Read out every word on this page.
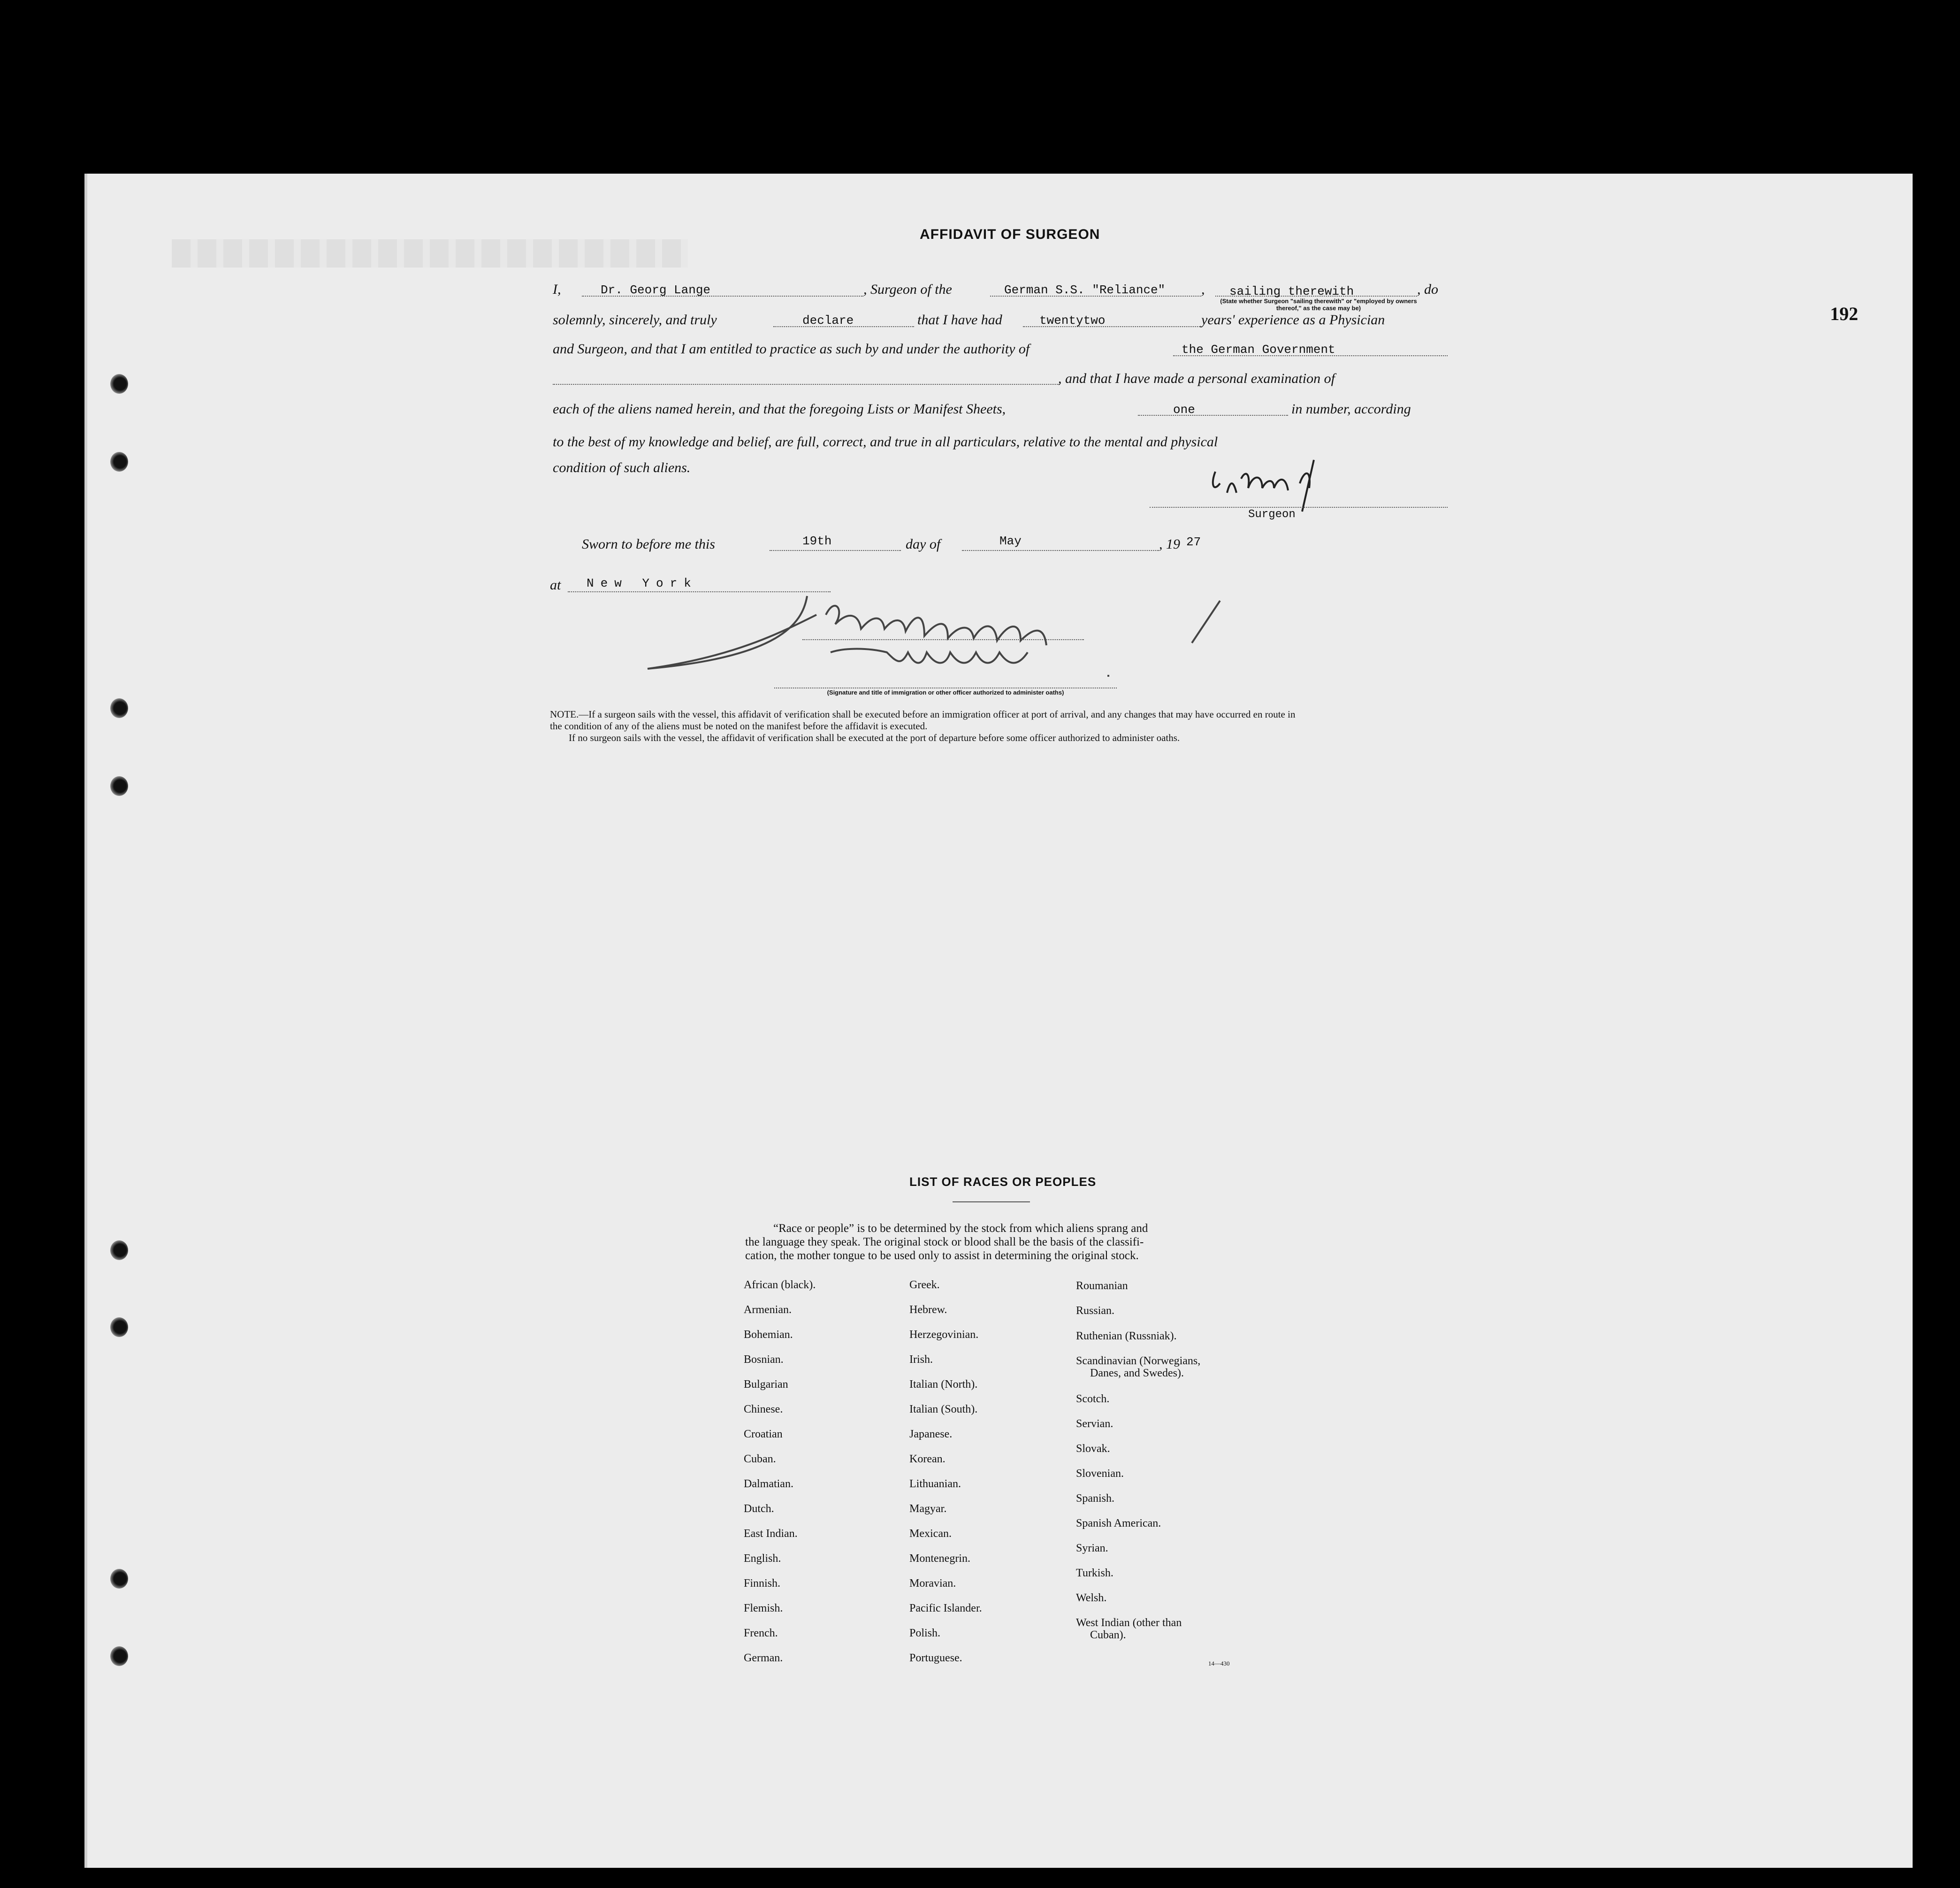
192
AFFIDAVIT OF SURGEON
I,	Dr. Georg Lange	, Surgeon of the	German S.S. "Reliance"	, sailing therewith	, do
(State whether Surgeon "sailing therewith" or "employed by owners thereof," as the case may be)
solemnly, sincerely, and truly	declare	that I have had	twentytwo	years' experience as a Physician
and Surgeon, and that I am entitled to practice as such by and under the authority of	the German Government
, and that I have made a personal examination of
each of the aliens named herein, and that the foregoing Lists or Manifest Sheets,	one	in number, according
to the best of my knowledge and belief, are full, correct, and true in all particulars, relative to the mental and physical
condition of such aliens.
Surgeon
Sworn to before me this	19th	day of	May	, 19 27
at New York
(Signature and title of immigration or other officer authorized to administer oaths)
NOTE.—If a surgeon sails with the vessel, this affidavit of verification shall be executed before an immigration officer at port of arrival, and any changes that may have occurred en route in
the condition of any of the aliens must be noted on the manifest before the affidavit is executed.
If no surgeon sails with the vessel, the affidavit of verification shall be executed at the port of departure before some officer authorized to administer oaths.
LIST OF RACES OR PEOPLES
“Race or people” is to be determined by the stock from which aliens sprang and
the language they speak. The original stock or blood shall be the basis of the classifi-
cation, the mother tongue to be used only to assist in determining the original stock.
African (black).
Armenian.
Bohemian.
Bosnian.
Bulgarian
Chinese.
Croatian
Cuban.
Dalmatian.
Dutch.
East Indian.
English.
Finnish.
Flemish.
French.
German.
Greek.
Hebrew.
Herzegovinian.
Irish.
Italian (North).
Italian (South).
Japanese.
Korean.
Lithuanian.
Magyar.
Mexican.
Montenegrin.
Moravian.
Pacific Islander.
Polish.
Portuguese.
Roumanian
Russian.
Ruthenian (Russniak).
Scandinavian (Norwegians,
Danes, and Swedes).
Scotch.
Servian.
Slovak.
Slovenian.
Spanish.
Spanish American.
Syrian.
Turkish.
Welsh.
West Indian (other than
Cuban).
14—430
